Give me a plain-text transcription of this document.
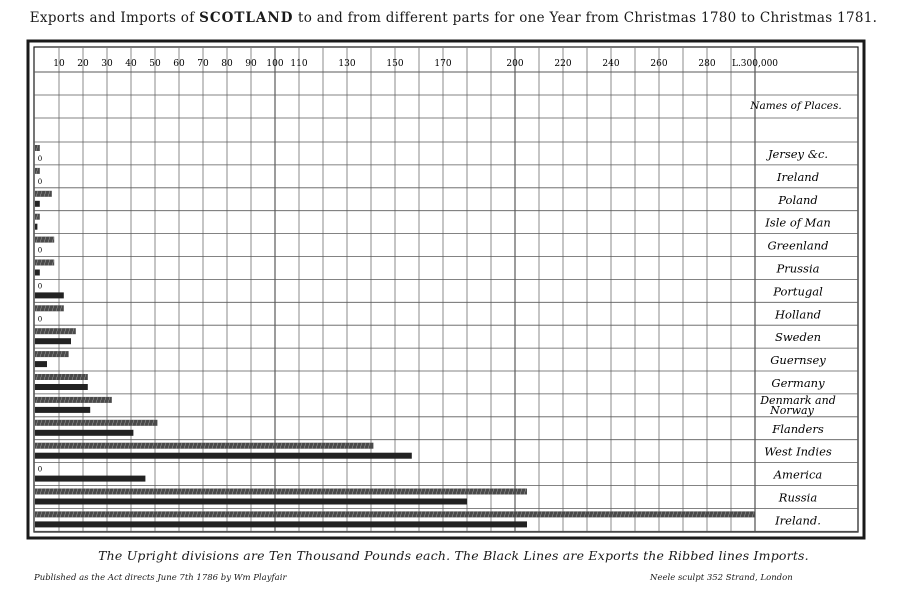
Exports and Imports of SCOTLAND to and from different parts for one Year from Christmas 1780 to Christmas 1781.
10 20 30 40 50 60 70 80 90 100 110	130	150	170	200	220	240	260	280 L.300,000
0
0
0
0
0
0
Jersey &c.
Ireland
Poland
Isle of Man
Greenland
Prussia
Portugal
Holland
Sweden
Guernsey
Germany
Denmark and
Norway
Flanders
West Indies
America
Russia
Ireland.
Names of Places.
The Upright divisions are Ten Thousand Pounds each. The Black Lines are Exports the Ribbed lines Imports.
Published as the Act directs June 7th 1786 by Wm Playfair	Neele sculpt 352 Strand, London
